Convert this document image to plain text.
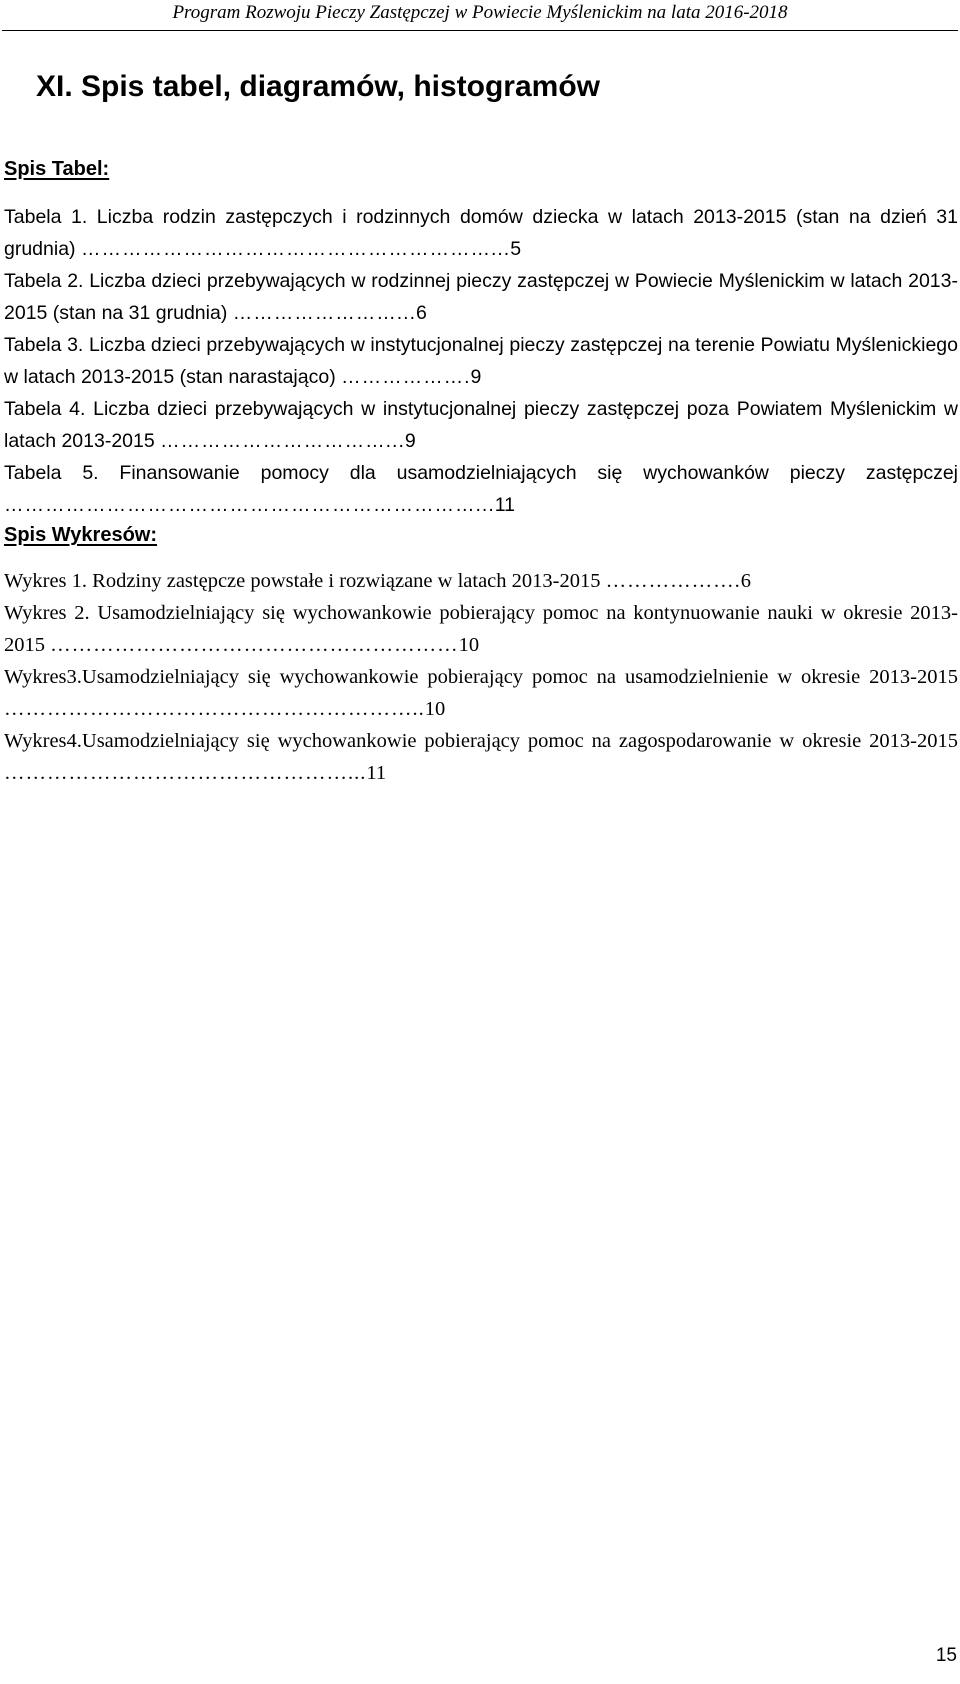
Program Rozwoju Pieczy Zastępczej w Powiecie Myślenickim na lata 2016-2018
XI. Spis tabel, diagramów, histogramów
Spis Tabel:
Tabela 1. Liczba rodzin zastępczych i rodzinnych domów dziecka w latach 2013-2015 (stan na dzień 31 grudnia) ……………………………………………………...5
Tabela 2. Liczba dzieci przebywających w rodzinnej pieczy zastępczej w Powiecie Myślenickim w latach 2013-2015 (stan na 31 grudnia) ……………………...6
Tabela 3. Liczba dzieci przebywających w instytucjonalnej pieczy zastępczej na terenie Powiatu Myślenickiego w latach 2013-2015 (stan narastająco) ……………….9
Tabela 4. Liczba dzieci przebywających w instytucjonalnej pieczy zastępczej poza Powiatem Myślenickim w latach 2013-2015 ……………………………...9
Tabela 5. Finansowanie pomocy dla usamodzielniających się wychowanków pieczy zastępczej ……………………………………………………………...11
Spis Wykresów:
Wykres 1. Rodziny zastępcze powstałe i rozwiązane w latach 2013-2015 ……………….6
Wykres 2. Usamodzielniający się wychowankowie pobierający pomoc na kontynuowanie nauki w okresie 2013-2015 …………………………………………………10
Wykres3.Usamodzielniający się wychowankowie pobierający pomoc na usamodzielnienie w okresie 2013-2015 …………………………………………………..10
Wykres4.Usamodzielniający się wychowankowie pobierający pomoc na zagospodarowanie w okresie 2013-2015 …………………………………………...11
15
